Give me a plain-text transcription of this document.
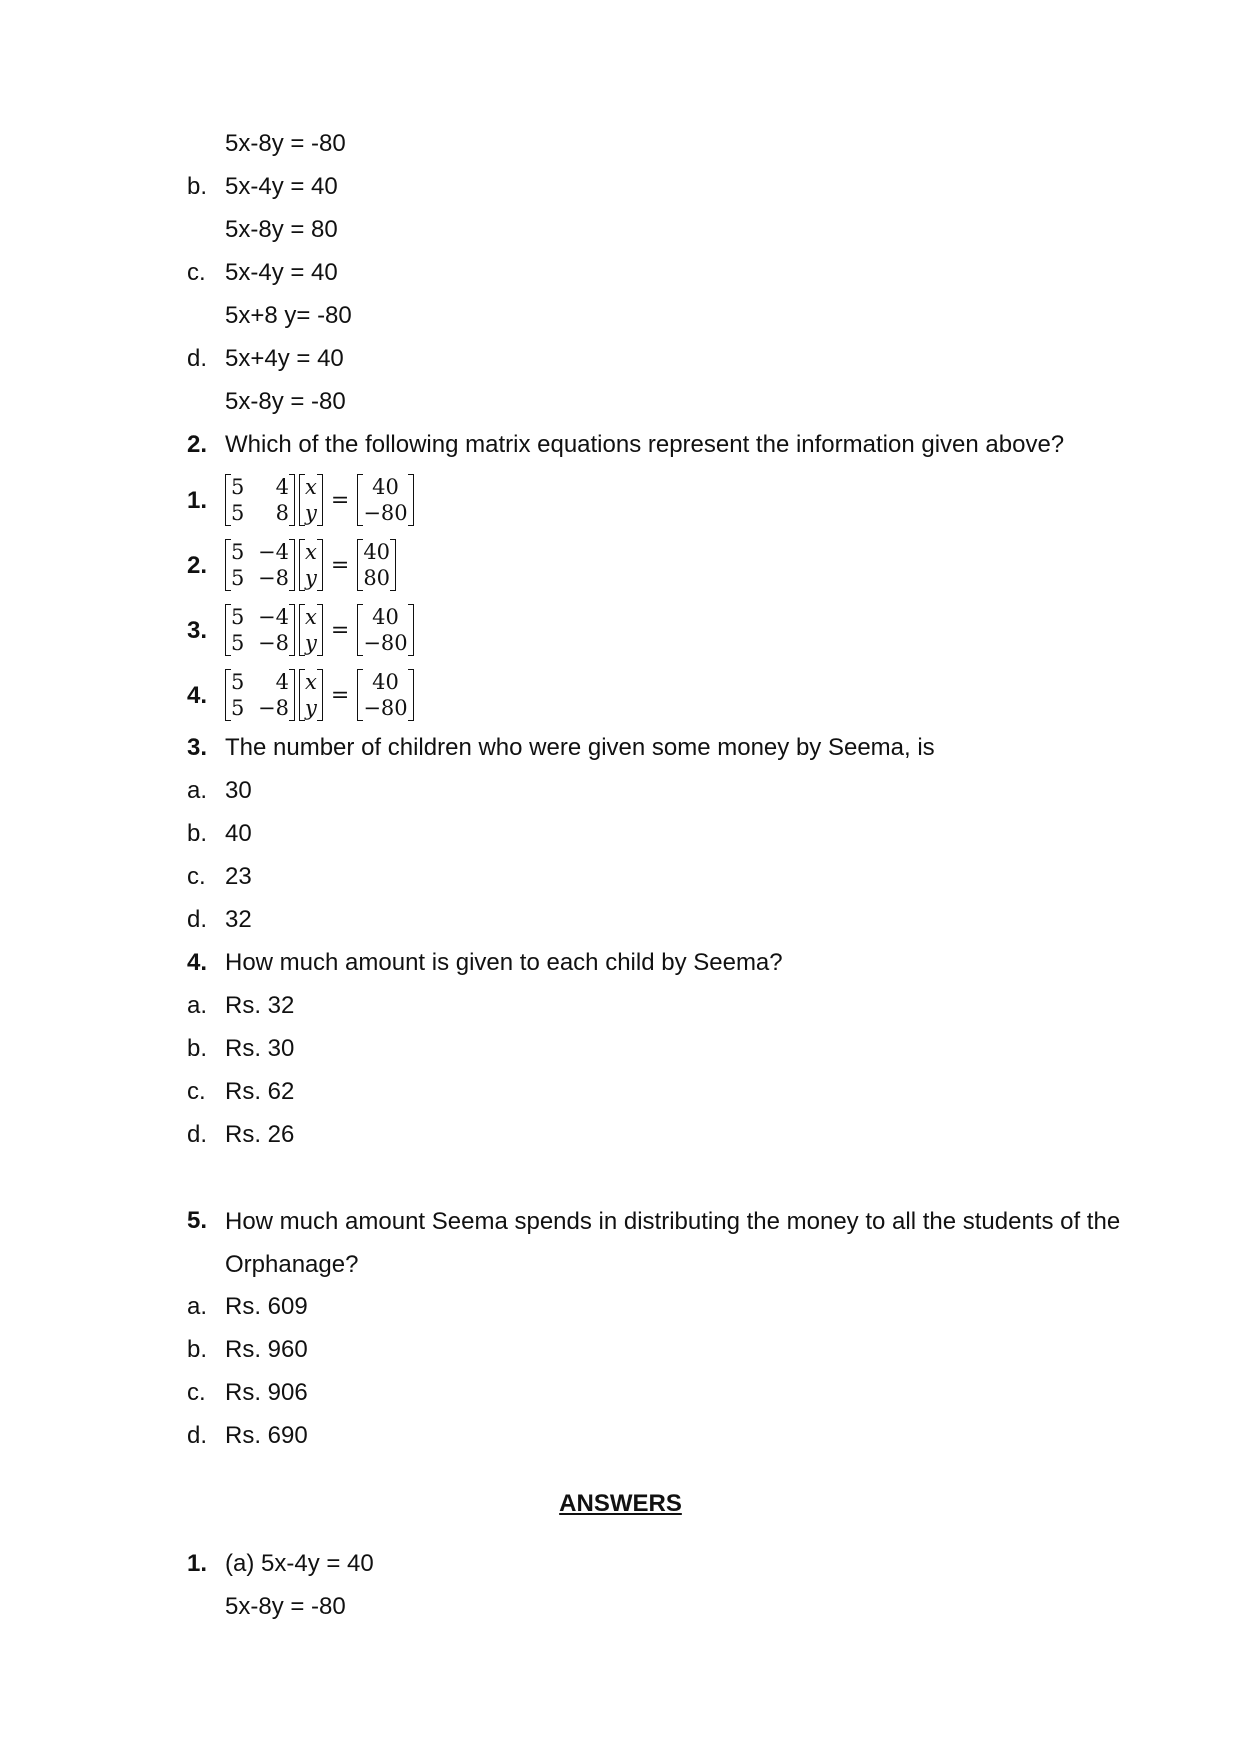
5x-8y = -80
b. 5x-4y = 40
5x-8y = 80
c. 5x-4y = 40
5x+8 y= -80
d. 5x+4y = 40
5x-8y = -80
2. Which of the following matrix equations represent the information given above?
1. 5	4
5	8
x
y
=
40
−80
2. 5 −4
5 −8
x
y
=
40
80
3. 5 −4
5 −8
x
y
=
40
−80
4. 5	4
5 −8
x
y
=
40
−80
3. The number of children who were given some money by Seema, is
a. 30
b. 40
c. 23
d. 32
4. How much amount is given to each child by Seema?
a. Rs. 32
b. Rs. 30
c. Rs. 62
d. Rs. 26
5. How much amount Seema spends in distributing the money to all the students of the Orphanage?
a. Rs. 609
b. Rs. 960
c. Rs. 906
d. Rs. 690
ANSWERS
1. (a) 5x-4y = 40
5x-8y = -80
